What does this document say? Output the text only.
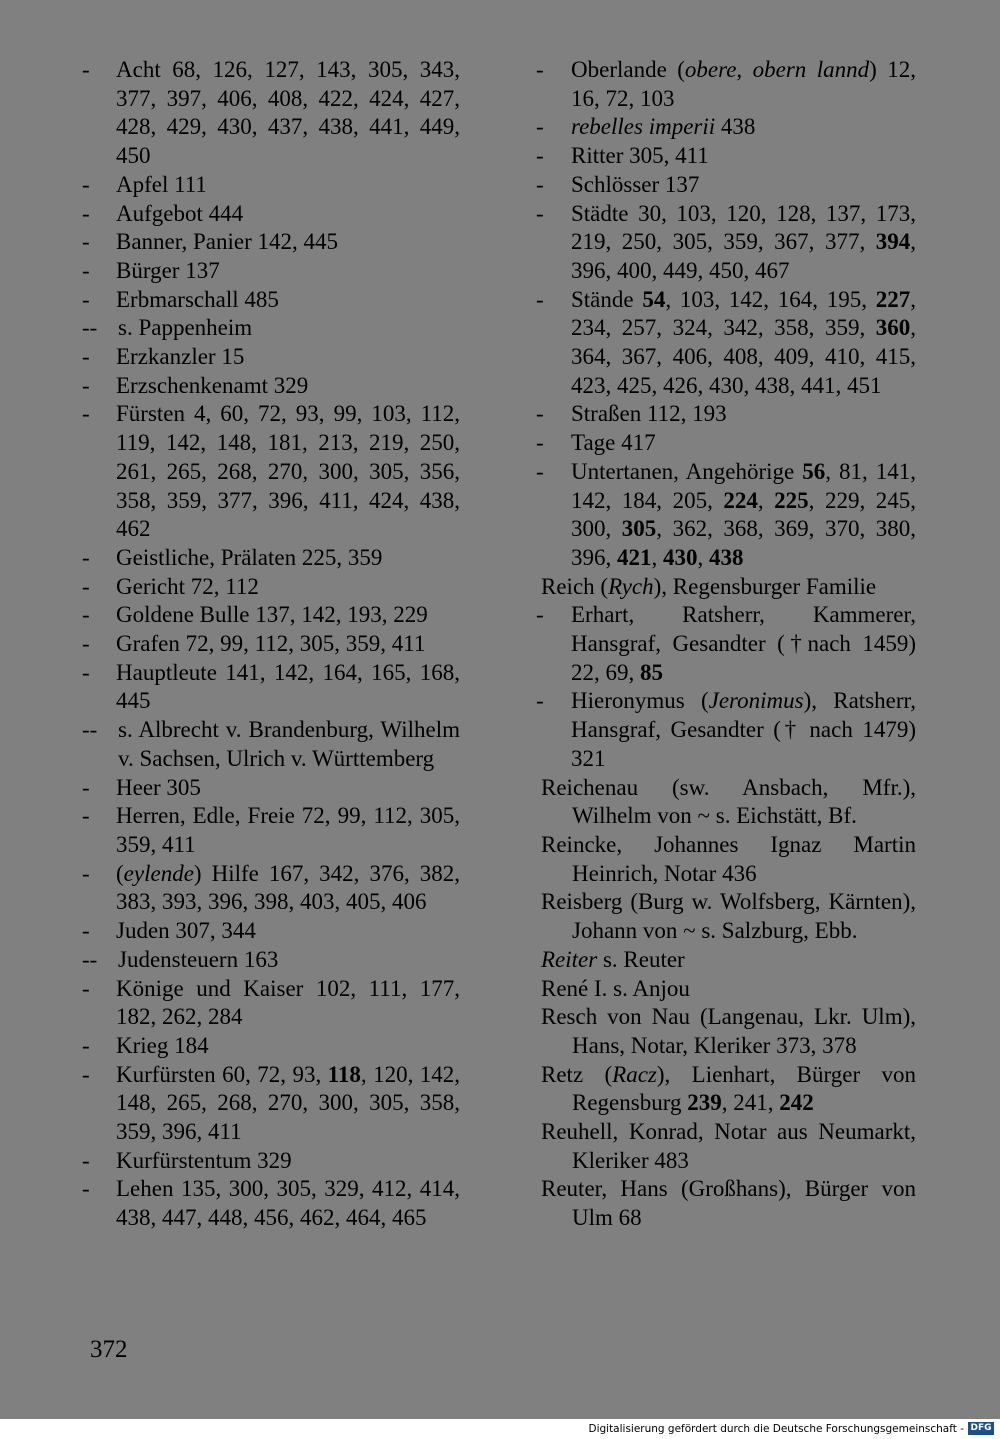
- Acht 68, 126, 127, 143, 305, 343, 377, 397, 406, 408, 422, 424, 427, 428, 429, 430, 437, 438, 441, 449, 450
- Apfel 111
- Aufgebot 444
- Banner, Panier 142, 445
- Bürger 137
- Erbmarschall 485
-- s. Pappenheim
- Erzkanzler 15
- Erzschenkenamt 329
- Fürsten 4, 60, 72, 93, 99, 103, 112, 119, 142, 148, 181, 213, 219, 250, 261, 265, 268, 270, 300, 305, 356, 358, 359, 377, 396, 411, 424, 438, 462
- Geistliche, Prälaten 225, 359
- Gericht 72, 112
- Goldene Bulle 137, 142, 193, 229
- Grafen 72, 99, 112, 305, 359, 411
- Hauptleute 141, 142, 164, 165, 168, 445
-- s. Albrecht v. Brandenburg, Wilhelm v. Sachsen, Ulrich v. Württemberg
- Heer 305
- Herren, Edle, Freie 72, 99, 112, 305, 359, 411
- (eylende) Hilfe 167, 342, 376, 382, 383, 393, 396, 398, 403, 405, 406
- Juden 307, 344
-- Judensteuern 163
- Könige und Kaiser 102, 111, 177, 182, 262, 284
- Krieg 184
- Kurfürsten 60, 72, 93, 118, 120, 142, 148, 265, 268, 270, 300, 305, 358, 359, 396, 411
- Kurfürstentum 329
- Lehen 135, 300, 305, 329, 412, 414, 438, 447, 448, 456, 462, 464, 465
- Oberlande (obere, obern lannd) 12, 16, 72, 103
- rebelles imperii 438
- Ritter 305, 411
- Schlösser 137
- Städte 30, 103, 120, 128, 137, 173, 219, 250, 305, 359, 367, 377, 394, 396, 400, 449, 450, 467
- Stände 54, 103, 142, 164, 195, 227, 234, 257, 324, 342, 358, 359, 360, 364, 367, 406, 408, 409, 410, 415, 423, 425, 426, 430, 438, 441, 451
- Straßen 112, 193
- Tage 417
- Untertanen, Angehörige 56, 81, 141, 142, 184, 205, 224, 225, 229, 245, 300, 305, 362, 368, 369, 370, 380, 396, 421, 430, 438
Reich (Rych), Regensburger Familie
- Erhart, Ratsherr, Kammerer, Hansgraf, Gesandter (†nach 1459) 22, 69, 85
- Hieronymus (Jeronimus), Ratsherr, Hansgraf, Gesandter († nach 1479) 321
Reichenau (sw. Ansbach, Mfr.), Wilhelm von ~ s. Eichstätt, Bf.
Reincke, Johannes Ignaz Martin Heinrich, Notar 436
Reisberg (Burg w. Wolfsberg, Kärnten), Johann von ~ s. Salzburg, Ebb.
Reiter s. Reuter
René I. s. Anjou
Resch von Nau (Langenau, Lkr. Ulm), Hans, Notar, Kleriker 373, 378
Retz (Racz), Lienhart, Bürger von Regensburg 239, 241, 242
Reuhell, Konrad, Notar aus Neumarkt, Kleriker 483
Reuter, Hans (Großhans), Bürger von Ulm 68
372
Digitalisierung gefördert durch die Deutsche Forschungsgemeinschaft - DFG
